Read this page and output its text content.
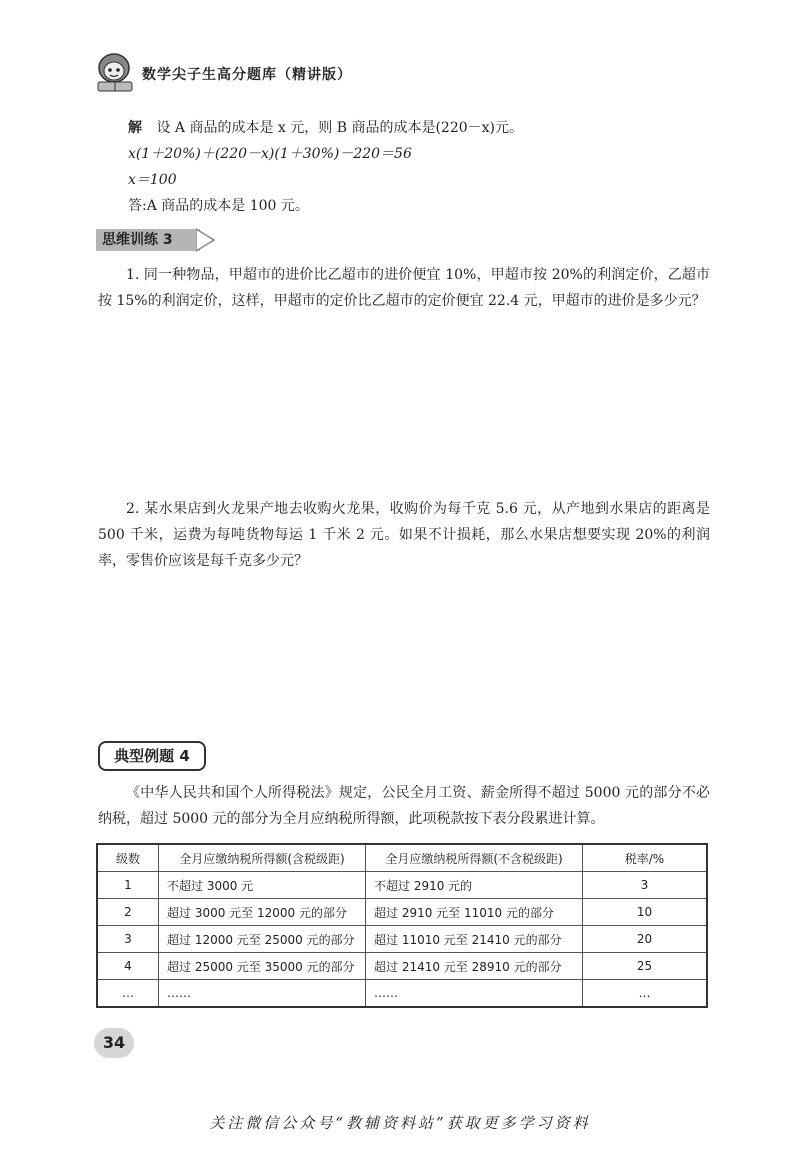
数学尖子生高分题库（精讲版）
解 设 A 商品的成本是 x 元，则 B 商品的成本是(220－x)元。
x(1＋20%)＋(220－x)(1＋30%)－220＝56
x＝100
答:A 商品的成本是 100 元。
思维训练 3
1. 同一种物品，甲超市的进价比乙超市的进价便宜 10%，甲超市按 20%的利润定价，乙超市按 15%的利润定价，这样，甲超市的定价比乙超市的定价便宜 22.4 元，甲超市的进价是多少元？
2. 某水果店到火龙果产地去收购火龙果，收购价为每千克 5.6 元，从产地到水果店的距离是 500 千米，运费为每吨货物每运 1 千米 2 元。如果不计损耗，那么水果店想要实现 20%的利润率，零售价应该是每千克多少元？
典型例题 4
《中华人民共和国个人所得税法》规定，公民全月工资、薪金所得不超过 5000 元的部分不必纳税，超过 5000 元的部分为全月应纳税所得额，此项税款按下表分段累进计算。
级数	全月应缴纳税所得额(含税级距)	全月应缴纳税所得额(不含税级距)	税率/%
1	不超过 3000 元	不超过 2910 元的	3
2	超过 3000 元至 12000 元的部分	超过 2910 元至 11010 元的部分	10
3	超过 12000 元至 25000 元的部分	超过 11010 元至 21410 元的部分	20
4	超过 25000 元至 35000 元的部分	超过 21410 元至 28910 元的部分	25
…	……	……	…
34
关注微信公众号“教辅资料站”获取更多学习资料
